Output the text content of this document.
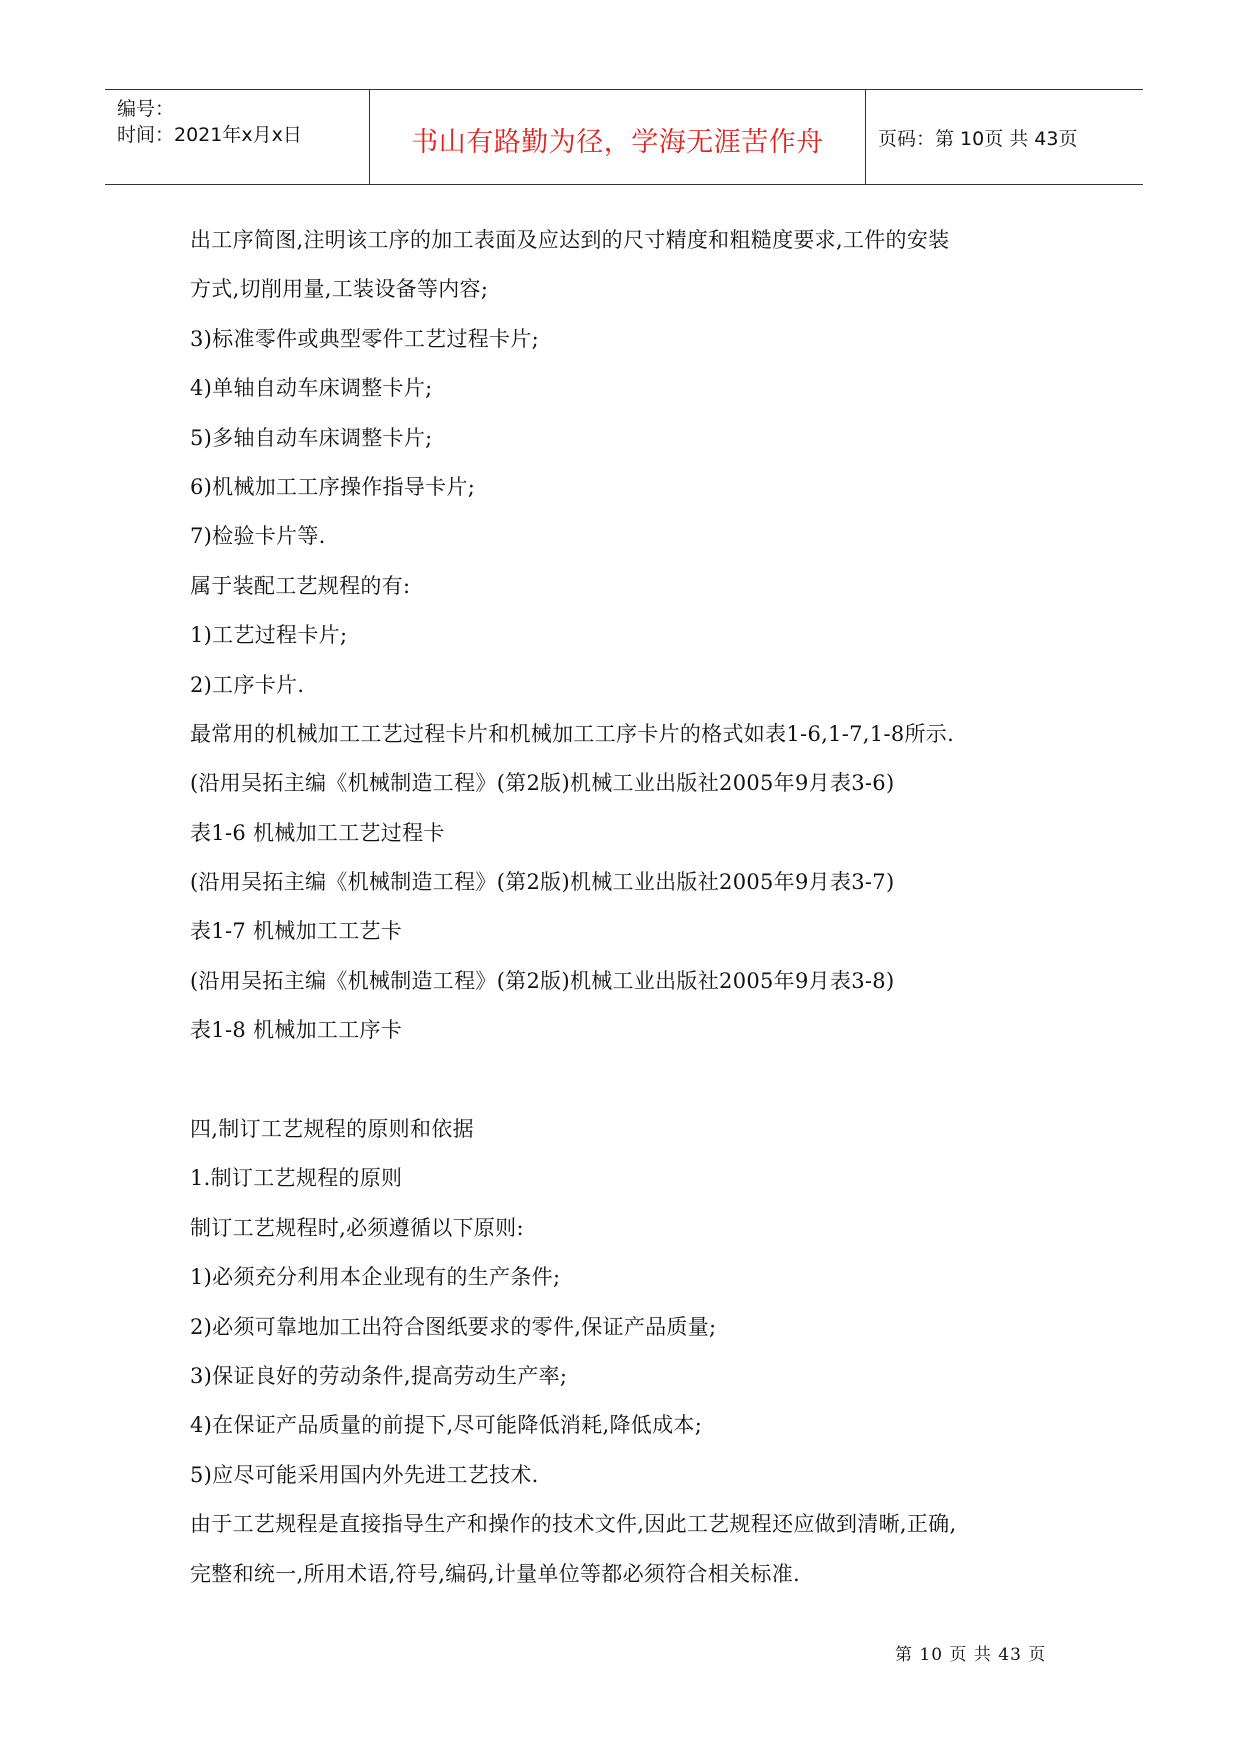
编号：
时间：2021年x月x日	书山有路勤为径，学海无涯苦作舟	页码：第 10页 共 43页
出工序简图,注明该工序的加工表面及应达到的尺寸精度和粗糙度要求,工件的安装
方式,切削用量,工装设备等内容;
3)标准零件或典型零件工艺过程卡片;
4)单轴自动车床调整卡片;
5)多轴自动车床调整卡片;
6)机械加工工序操作指导卡片;
7)检验卡片等.
属于装配工艺规程的有:
1)工艺过程卡片;
2)工序卡片.
最常用的机械加工工艺过程卡片和机械加工工序卡片的格式如表1-6,1-7,1-8所示.
(沿用吴拓主编《机械制造工程》(第2版)机械工业出版社2005年9月表3-6)
表1-6 机械加工工艺过程卡
(沿用吴拓主编《机械制造工程》(第2版)机械工业出版社2005年9月表3-7)
表1-7 机械加工工艺卡
(沿用吴拓主编《机械制造工程》(第2版)机械工业出版社2005年9月表3-8)
表1-8 机械加工工序卡
四,制订工艺规程的原则和依据
1.制订工艺规程的原则
制订工艺规程时,必须遵循以下原则:
1)必须充分利用本企业现有的生产条件;
2)必须可靠地加工出符合图纸要求的零件,保证产品质量;
3)保证良好的劳动条件,提高劳动生产率;
4)在保证产品质量的前提下,尽可能降低消耗,降低成本;
5)应尽可能采用国内外先进工艺技术.
由于工艺规程是直接指导生产和操作的技术文件,因此工艺规程还应做到清晰,正确,
完整和统一,所用术语,符号,编码,计量单位等都必须符合相关标准.
第 10 页 共 43 页
